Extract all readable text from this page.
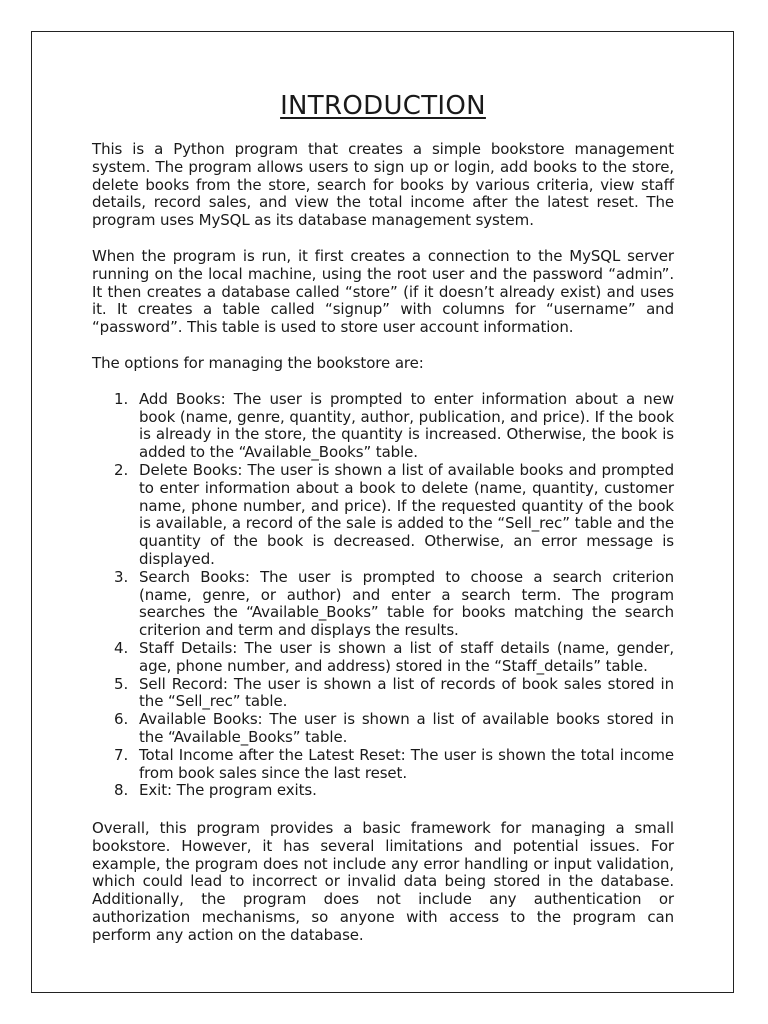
INTRODUCTION

This is a Python program that creates a simple bookstore management system. The program allows users to sign up or login, add books to the store, delete books from the store, search for books by various criteria, view staff details, record sales, and view the total income after the latest reset. The program uses MySQL as its database management system.

When the program is run, it first creates a connection to the MySQL server running on the local machine, using the root user and the password “admin”. It then creates a database called “store” (if it doesn’t already exist) and uses it. It creates a table called “signup” with columns for “username” and “password”. This table is used to store user account information.

The options for managing the bookstore are:

1. Add Books: The user is prompted to enter information about a new book (name, genre, quantity, author, publication, and price). If the book is already in the store, the quantity is increased. Otherwise, the book is added to the “Available_Books” table.
2. Delete Books: The user is shown a list of available books and prompted to enter information about a book to delete (name, quantity, customer name, phone number, and price). If the requested quantity of the book is available, a record of the sale is added to the “Sell_rec” table and the quantity of the book is decreased. Otherwise, an error message is displayed.
3. Search Books: The user is prompted to choose a search criterion (name, genre, or author) and enter a search term. The program searches the “Available_Books” table for books matching the search criterion and term and displays the results.
4. Staff Details: The user is shown a list of staff details (name, gender, age, phone number, and address) stored in the “Staff_details” table.
5. Sell Record: The user is shown a list of records of book sales stored in the “Sell_rec” table.
6. Available Books: The user is shown a list of available books stored in the “Available_Books” table.
7. Total Income after the Latest Reset: The user is shown the total income from book sales since the last reset.
8. Exit: The program exits.

Overall, this program provides a basic framework for managing a small bookstore. However, it has several limitations and potential issues. For example, the program does not include any error handling or input validation, which could lead to incorrect or invalid data being stored in the database. Additionally, the program does not include any authentication or authorization mechanisms, so anyone with access to the program can perform any action on the database.
